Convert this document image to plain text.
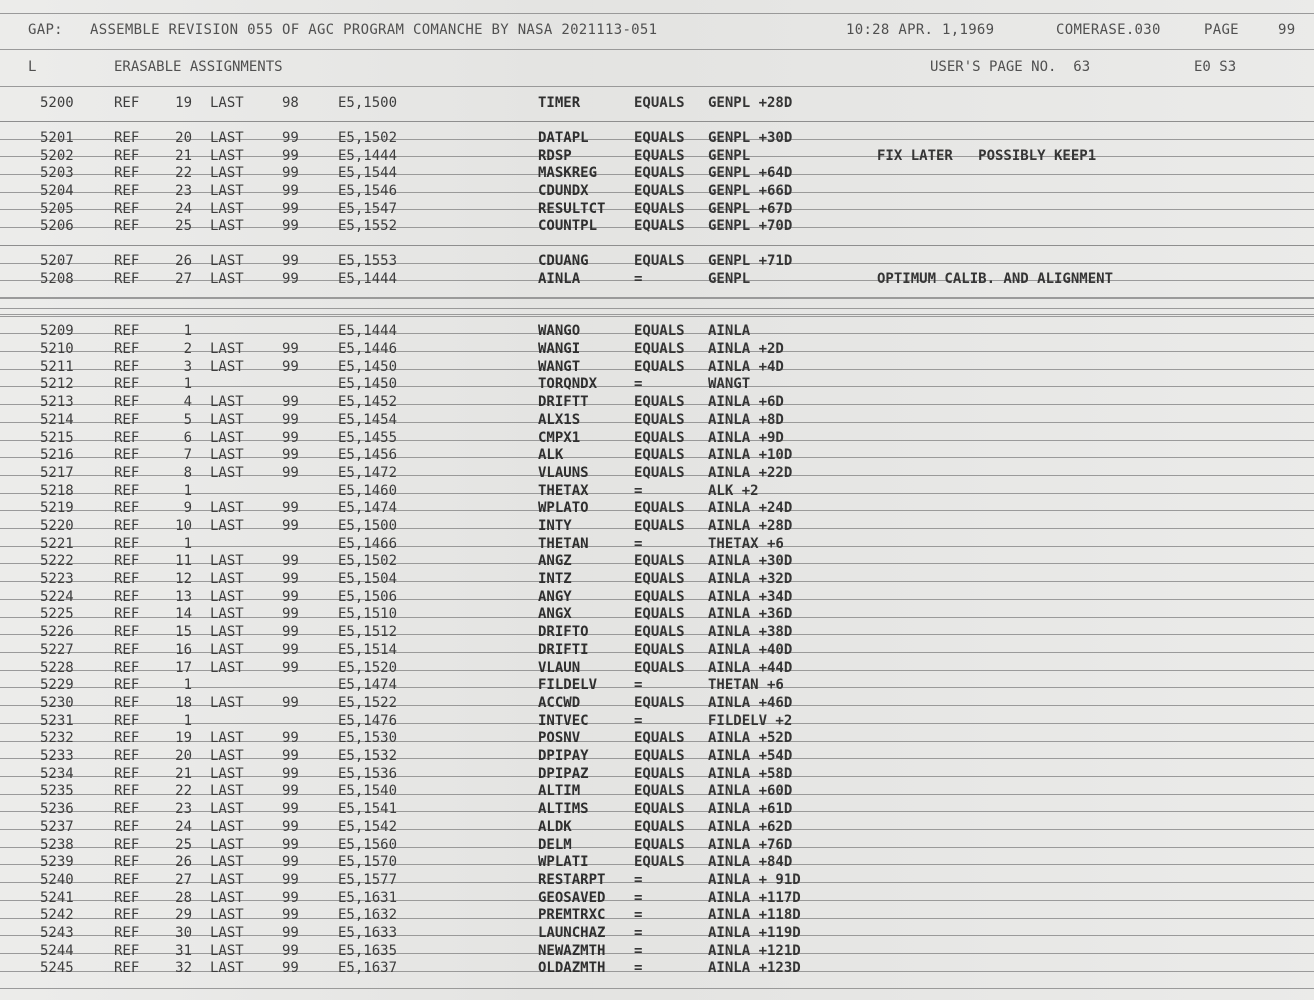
GAP: ASSEMBLE REVISION 055 OF AGC PROGRAM COMANCHE BY NASA 2021113-051	10:28 APR. 1,1969	COMERASE.030	PAGE	99
L	ERASABLE ASSIGNMENTS	USER'S PAGE NO.  63	E0 S3
5200	REF	19 LAST	98	E5,1500	TIMER	EQUALS	GENPL +28D
5201	REF	20 LAST	99	E5,1502	DATAPL	EQUALS	GENPL +30D
5202	REF	21 LAST	99	E5,1444	RDSP	EQUALS	GENPL	FIX LATER   POSSIBLY KEEP1
5203	REF	22 LAST	99	E5,1544	MASKREG	EQUALS	GENPL +64D
5204	REF	23 LAST	99	E5,1546	CDUNDX	EQUALS	GENPL +66D
5205	REF	24 LAST	99	E5,1547	RESULTCT	EQUALS	GENPL +67D
5206	REF	25 LAST	99	E5,1552	COUNTPL	EQUALS	GENPL +70D
5207	REF	26 LAST	99	E5,1553	CDUANG	EQUALS	GENPL +71D
5208	REF	27 LAST	99	E5,1444	AINLA	=	GENPL	OPTIMUM CALIB. AND ALIGNMENT
5209	REF	1	E5,1444	WANGO	EQUALS	AINLA
5210	REF	2 LAST	99	E5,1446	WANGI	EQUALS	AINLA +2D
5211	REF	3 LAST	99	E5,1450	WANGT	EQUALS	AINLA +4D
5212	REF	1	E5,1450	TORQNDX	=	WANGT
5213	REF	4 LAST	99	E5,1452	DRIFTT	EQUALS	AINLA +6D
5214	REF	5 LAST	99	E5,1454	ALX1S	EQUALS	AINLA +8D
5215	REF	6 LAST	99	E5,1455	CMPX1	EQUALS	AINLA +9D
5216	REF	7 LAST	99	E5,1456	ALK	EQUALS	AINLA +10D
5217	REF	8 LAST	99	E5,1472	VLAUNS	EQUALS	AINLA +22D
5218	REF	1	E5,1460	THETAX	=	ALK +2
5219	REF	9 LAST	99	E5,1474	WPLATO	EQUALS	AINLA +24D
5220	REF	10 LAST	99	E5,1500	INTY	EQUALS	AINLA +28D
5221	REF	1	E5,1466	THETAN	=	THETAX +6
5222	REF	11 LAST	99	E5,1502	ANGZ	EQUALS	AINLA +30D
5223	REF	12 LAST	99	E5,1504	INTZ	EQUALS	AINLA +32D
5224	REF	13 LAST	99	E5,1506	ANGY	EQUALS	AINLA +34D
5225	REF	14 LAST	99	E5,1510	ANGX	EQUALS	AINLA +36D
5226	REF	15 LAST	99	E5,1512	DRIFTO	EQUALS	AINLA +38D
5227	REF	16 LAST	99	E5,1514	DRIFTI	EQUALS	AINLA +40D
5228	REF	17 LAST	99	E5,1520	VLAUN	EQUALS	AINLA +44D
5229	REF	1	E5,1474	FILDELV	=	THETAN +6
5230	REF	18 LAST	99	E5,1522	ACCWD	EQUALS	AINLA +46D
5231	REF	1	E5,1476	INTVEC	=	FILDELV +2
5232	REF	19 LAST	99	E5,1530	POSNV	EQUALS	AINLA +52D
5233	REF	20 LAST	99	E5,1532	DPIPAY	EQUALS	AINLA +54D
5234	REF	21 LAST	99	E5,1536	DPIPAZ	EQUALS	AINLA +58D
5235	REF	22 LAST	99	E5,1540	ALTIM	EQUALS	AINLA +60D
5236	REF	23 LAST	99	E5,1541	ALTIMS	EQUALS	AINLA +61D
5237	REF	24 LAST	99	E5,1542	ALDK	EQUALS	AINLA +62D
5238	REF	25 LAST	99	E5,1560	DELM	EQUALS	AINLA +76D
5239	REF	26 LAST	99	E5,1570	WPLATI	EQUALS	AINLA +84D
5240	REF	27 LAST	99	E5,1577	RESTARPT	=	AINLA + 91D
5241	REF	28 LAST	99	E5,1631	GEOSAVED	=	AINLA +117D
5242	REF	29 LAST	99	E5,1632	PREMTRXC	=	AINLA +118D
5243	REF	30 LAST	99	E5,1633	LAUNCHAZ	=	AINLA +119D
5244	REF	31 LAST	99	E5,1635	NEWAZMTH	=	AINLA +121D
5245	REF	32 LAST	99	E5,1637	OLDAZMTH	=	AINLA +123D
